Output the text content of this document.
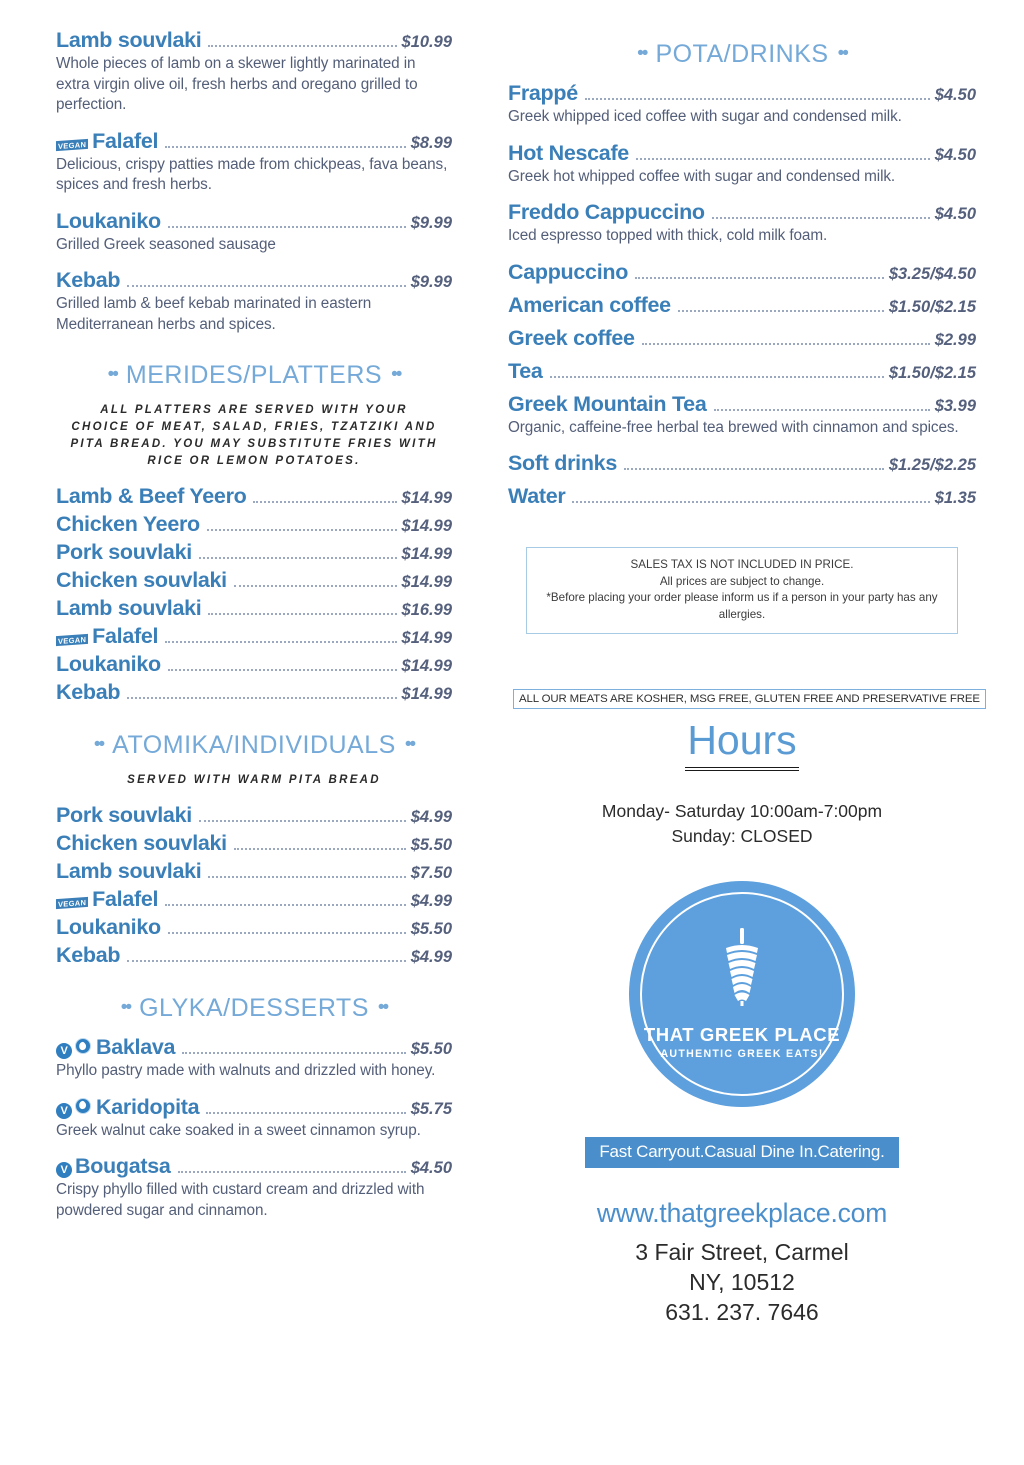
Lamb souvlaki	$10.99
Whole pieces of lamb on a skewer lightly marinated in extra virgin olive oil, fresh herbs and oregano grilled to perfection.
VEGAN Falafel	$8.99
Delicious, crispy patties made from chickpeas, fava beans, spices and fresh herbs.
Loukaniko	$9.99
Grilled Greek seasoned sausage
Kebab	$9.99
Grilled lamb & beef kebab marinated in eastern Mediterranean herbs and spices.
•• MERIDES/PLATTERS ••
ALL PLATTERS ARE SERVED WITH YOUR CHOICE OF MEAT, SALAD, FRIES, TZATZIKI AND PITA BREAD. YOU MAY SUBSTITUTE FRIES WITH RICE OR LEMON POTATOES.
Lamb & Beef Yeero	$14.99
Chicken Yeero	$14.99
Pork souvlaki	$14.99
Chicken souvlaki	$14.99
Lamb souvlaki	$16.99
VEGAN Falafel	$14.99
Loukaniko	$14.99
Kebab	$14.99
•• ATOMIKA/INDIVIDUALS ••
SERVED WITH WARM PITA BREAD
Pork souvlaki	$4.99
Chicken souvlaki	$5.50
Lamb souvlaki	$7.50
VEGAN Falafel	$4.99
Loukaniko	$5.50
Kebab	$4.99
•• GLYKA/DESSERTS ••
V Baklava	$5.50
Phyllo pastry made with walnuts and drizzled with honey.
V Karidopita	$5.75
Greek walnut cake soaked in a sweet cinnamon syrup.
V Bougatsa	$4.50
Crispy phyllo filled with custard cream and drizzled with powdered sugar and cinnamon.
•• POTA/DRINKS ••
Frappé	$4.50
Greek whipped iced coffee with sugar and condensed milk.
Hot Nescafe	$4.50
Greek hot whipped coffee with sugar and condensed milk.
Freddo Cappuccino	$4.50
Iced espresso topped with thick, cold milk foam.
Cappuccino	$3.25/$4.50
American coffee	$1.50/$2.15
Greek coffee	$2.99
Tea	$1.50/$2.15
Greek Mountain Tea	$3.99
Organic, caffeine-free herbal tea brewed with cinnamon and spices.
Soft drinks	$1.25/$2.25
Water	$1.35
SALES TAX IS NOT INCLUDED IN PRICE.
All prices are subject to change.
*Before placing your order please inform us if a person in your party has any allergies.
ALL OUR MEATS ARE KOSHER, MSG FREE, GLUTEN FREE AND PRESERVATIVE FREE
Hours
Monday- Saturday 10:00am-7:00pm
Sunday: CLOSED
THAT GREEK PLACE
AUTHENTIC GREEK EATS!
Fast Carryout.Casual Dine In.Catering.
www.thatgreekplace.com
3 Fair Street, Carmel
NY, 10512
631. 237. 7646
